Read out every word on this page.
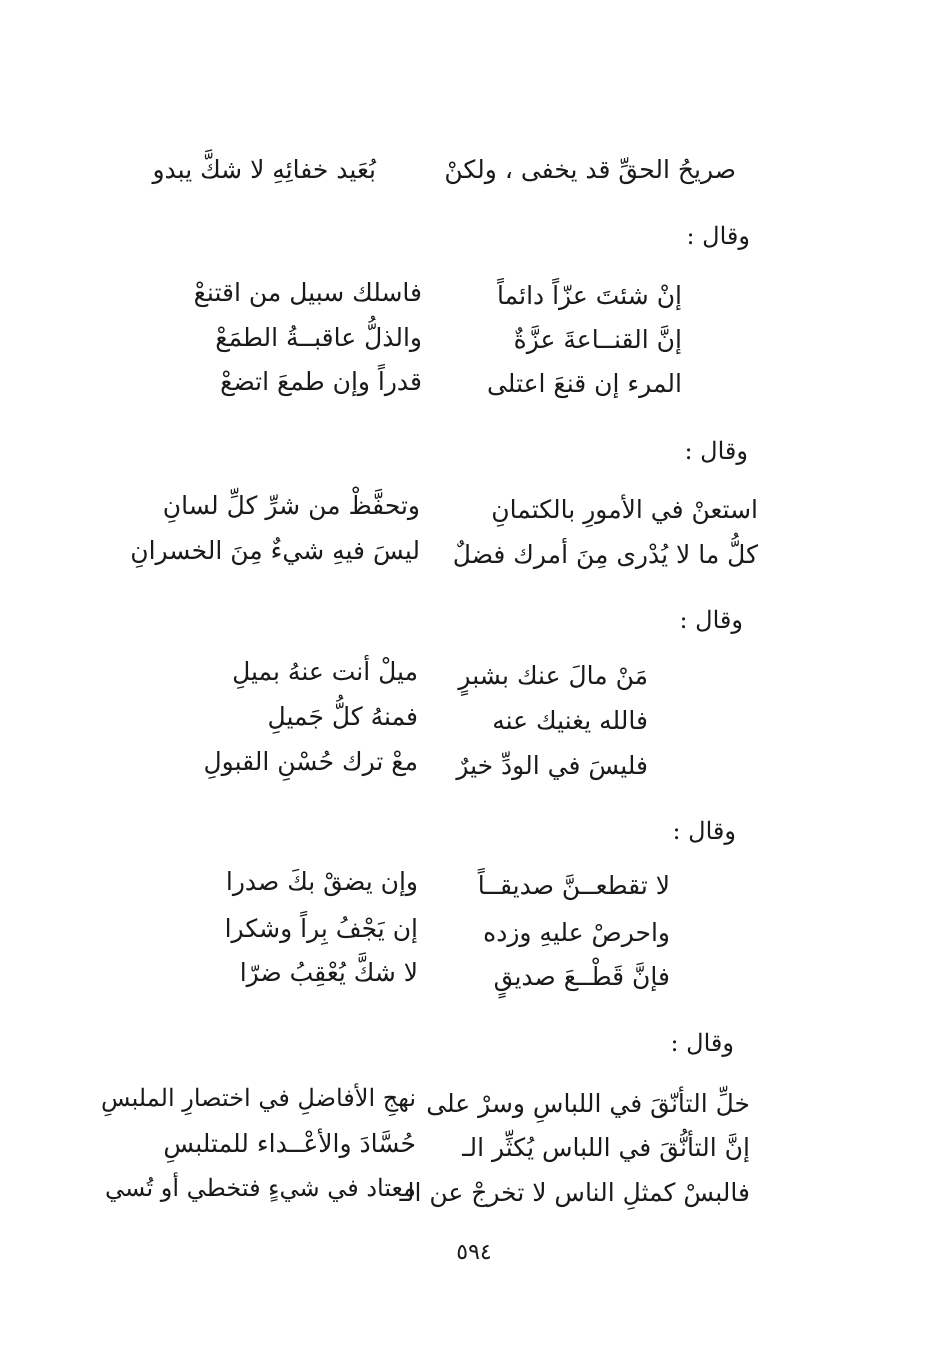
صريحُ الحقِّ قد يخفى ، ولكنْ
بُعَيد خفائِهِ لا شكَّ يبدو
وقال :
إنْ شئتَ عزّاً دائماً
فاسلك سبيل من اقتنعْ
إنَّ القنــاعةَ عزَّةٌ
والذلُّ عاقبــةُ الطمَعْ
المرء إن قنعَ اعتلى
قدراً وإن طمعَ اتضعْ
وقال :
استعنْ في الأمورِ بالكتمانِ
وتحفَّظْ من شرِّ كلِّ لسانِ
كلُّ ما لا يُدْرى مِنَ أمرك فضلٌ
ليسَ فيهِ شيءٌ مِنَ الخسرانِ
وقال :
مَنْ مالَ عنك بشبرٍ
ميلْ أنت عنهُ بميلِ
فالله يغنيك عنه
فمنهُ كلُّ جَميلِ
فليسَ في الودِّ خيرٌ
معْ ترك حُسْنِ القبولِ
وقال :
لا تقطعــنَّ صديقــاً
وإن يضقْ بكَ صدرا
واحرصْ عليهِ وزده
إن يَجْفُ بِراً وشكرا
فإنَّ قَطْــعَ صديقٍ
لا شكَّ يُعْقِبُ ضرّا
وقال :
خلِّ التأنّقَ في اللباسِ وسرْ على
نهجِ الأفاضلِ في اختصارِ الملبسِ
إنَّ التأنُّقَ في اللباس يُكثِّر الـ
حُسَّادَ والأعْــداء للمتلبسِ
فالبسْ كمثلِ الناس لا تخرجْ عن الـ
معتاد في شيءٍ فتخطي أو تُسي
٥٩٤
